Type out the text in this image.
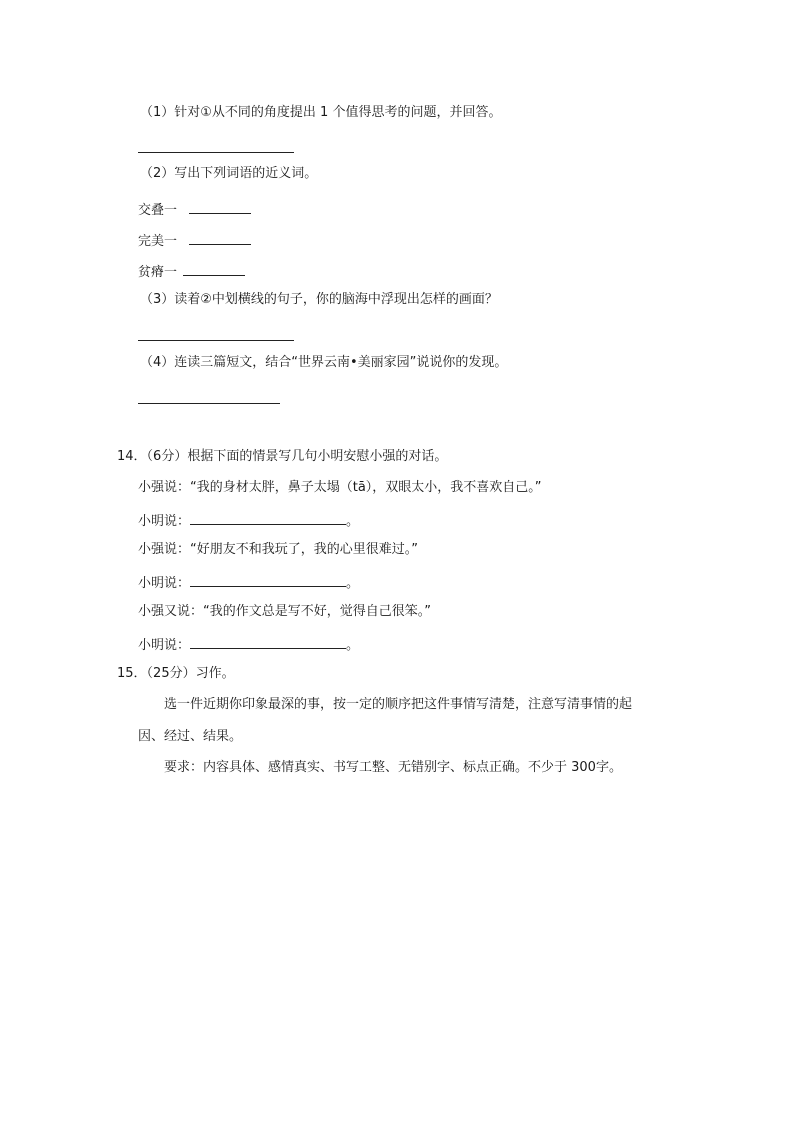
（1）针对①从不同的角度提出 1 个值得思考的问题，并回答。
（2）写出下列词语的近义词。
交叠一
完美一
贫瘠一
（3）读着②中划横线的句子，你的脑海中浮现出怎样的画面？
（4）连读三篇短文，结合“世界云南•美丽家园”说说你的发现。
14．（6分）根据下面的情景写几句小明安慰小强的对话。
小强说：“我的身材太胖，鼻子太塌（tā），双眼太小，我不喜欢自己。”
小明说：	。
小强说：“好朋友不和我玩了，我的心里很难过。”
小明说：	。
小强又说：“我的作文总是写不好，觉得自己很笨。”
小明说：	。
15．（25分）习作。
选一件近期你印象最深的事，按一定的顺序把这件事情写清楚，注意写清事情的起
因、经过、结果。
要求：内容具体、感情真实、书写工整、无错别字、标点正确。不少于 300字。
